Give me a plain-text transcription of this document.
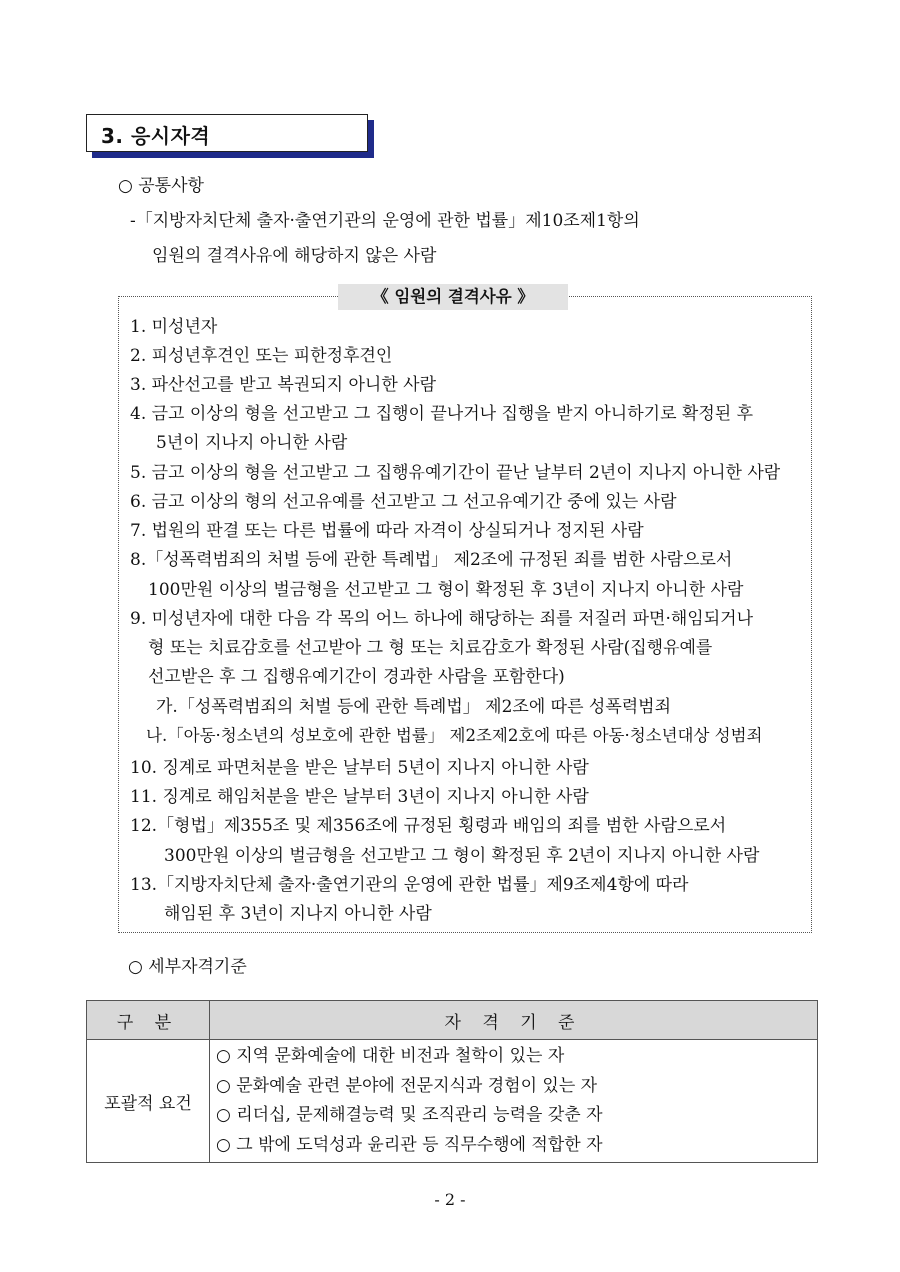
3. 응시자격
○ 공통사항
-「지방자치단체 출자·출연기관의 운영에 관한 법률」제10조제1항의
임원의 결격사유에 해당하지 않은 사람
《 임원의 결격사유 》
1. 미성년자
2. 피성년후견인 또는 피한정후견인
3. 파산선고를 받고 복권되지 아니한 사람
4. 금고 이상의 형을 선고받고 그 집행이 끝나거나 집행을 받지 아니하기로 확정된 후
5년이 지나지 아니한 사람
5. 금고 이상의 형을 선고받고 그 집행유예기간이 끝난 날부터 2년이 지나지 아니한 사람
6. 금고 이상의 형의 선고유예를 선고받고 그 선고유예기간 중에 있는 사람
7. 법원의 판결 또는 다른 법률에 따라 자격이 상실되거나 정지된 사람
8.「성폭력범죄의 처벌 등에 관한 특례법」 제2조에 규정된 죄를 범한 사람으로서
100만원 이상의 벌금형을 선고받고 그 형이 확정된 후 3년이 지나지 아니한 사람
9. 미성년자에 대한 다음 각 목의 어느 하나에 해당하는 죄를 저질러 파면·해임되거나
형 또는 치료감호를 선고받아 그 형 또는 치료감호가 확정된 사람(집행유예를
선고받은 후 그 집행유예기간이 경과한 사람을 포함한다)
가.「성폭력범죄의 처벌 등에 관한 특례법」 제2조에 따른 성폭력범죄
나.「아동·청소년의 성보호에 관한 법률」 제2조제2호에 따른 아동·청소년대상 성범죄
10. 징계로 파면처분을 받은 날부터 5년이 지나지 아니한 사람
11. 징계로 해임처분을 받은 날부터 3년이 지나지 아니한 사람
12.「형법」제355조 및 제356조에 규정된 횡령과 배임의 죄를 범한 사람으로서
300만원 이상의 벌금형을 선고받고 그 형이 확정된 후 2년이 지나지 아니한 사람
13.「지방자치단체 출자·출연기관의 운영에 관한 법률」제9조제4항에 따라
해임된 후 3년이 지나지 아니한 사람
○ 세부자격기준
구 분	자 격 기 준
포괄적 요건	○ 지역 문화예술에 대한 비전과 철학이 있는 자
○ 문화예술 관련 분야에 전문지식과 경험이 있는 자
○ 리더십, 문제해결능력 및 조직관리 능력을 갖춘 자
○ 그 밖에 도덕성과 윤리관 등 직무수행에 적합한 자
- 2 -
